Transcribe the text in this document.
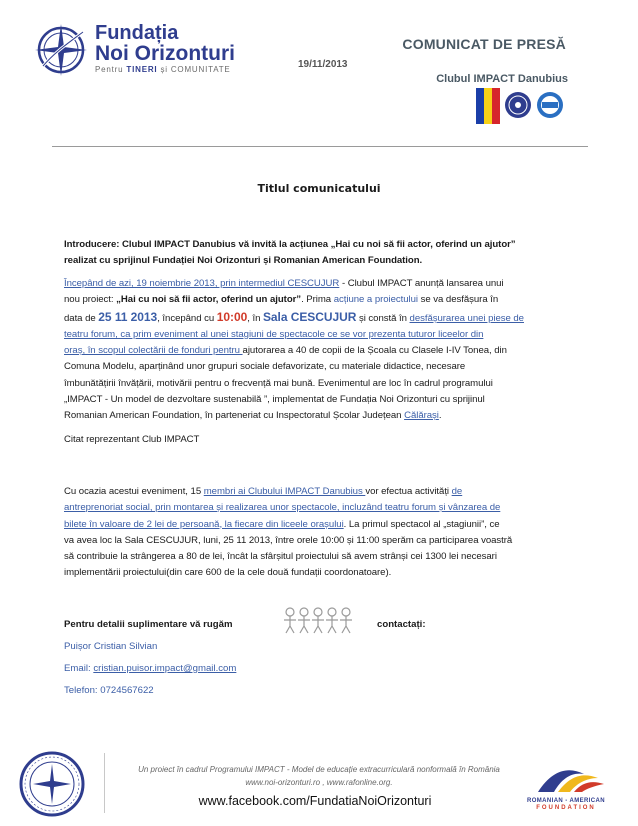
Fundația
Noi Orizonturi
Pentru TINERI și COMUNITATE	19/11/2013
COMUNICAT DE PRESĂ
Clubul IMPACT Danubius
Titlul comunicatului
Introducere: Clubul IMPACT Danubius vă invită la acțiunea „Hai cu noi să fii actor, oferind un ajutor”
realizat cu sprijinul Fundației Noi Orizonturi și Romanian American Foundation.
Începând de azi, 19 noiembrie 2013, prin intermediul CESCUJUR - Clubul IMPACT anunță lansarea unui
nou proiect: „Hai cu noi să fii actor, oferind un ajutor”. Prima acțiune a proiectului se va desfășura în
data de 25 11 2013, începând cu 10:00, în Sala CESCUJUR și constă în desfășurarea unei piese de
teatru forum, ca prim eveniment al unei stagiuni de spectacole ce se vor prezenta tuturor liceelor din
oraș, în scopul colectării de fonduri pentru ajutorarea a 40 de copii de la Școala cu Clasele I-IV Tonea, din
Comuna Modelu, aparținând unor grupuri sociale defavorizate, cu materiale didactice, necesare
îmbunătățirii învățării, motivării pentru o frecvență mai bună. Evenimentul are loc în cadrul programului
„IMPACT - Un model de dezvoltare sustenabilă ”, implementat de Fundația Noi Orizonturi cu sprijinul
Romanian American Foundation, în parteneriat cu Inspectoratul Școlar Județean Călărași.
Citat reprezentant Club IMPACT
Cu ocazia acestui eveniment, 15 membri ai Clubului IMPACT Danubius vor efectua activități de
antreprenoriat social, prin montarea și realizarea unor spectacole, incluzând teatru forum și vânzarea de
bilete în valoare de 2 lei de persoană, la fiecare din liceele orașului. La primul spectacol al „stagiunii”, ce
va avea loc la Sala CESCUJUR, luni, 25 11 2013, între orele 10:00 și 11:00 sperăm ca participarea voastră
să contribuie la strângerea a 80 de lei, încât la sfârșitul proiectului să avem strânși cei 1300 lei necesari
implementării proiectului(din care 600 de la cele două fundații coordonatoare).
Pentru detalii suplimentare vă rugăm	contactați:
Puișor Cristian Silvian
Email: cristian.puisor.impact@gmail.com
Telefon: 0724567622
Un proiect în cadrul Programului IMPACT - Model de educație extracurriculară nonformală în România
www.noi-orizonturi.ro , www.rafonline.org.
www.facebook.com/FundatiaNoiOrizonturi	ROMANIAN - AMERICAN
FOUNDATION
